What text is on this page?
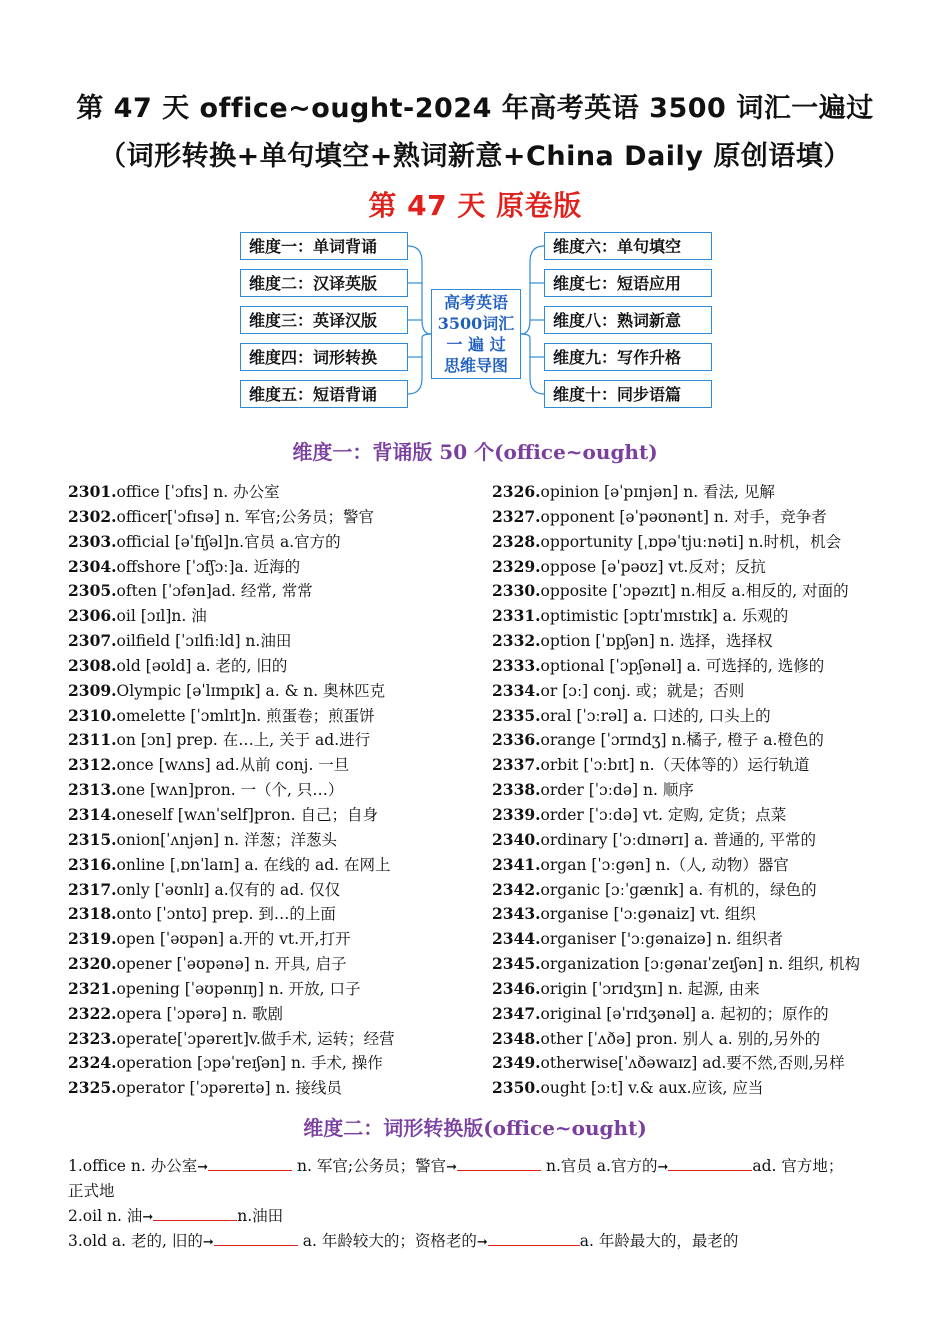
第 47 天 office~ought-2024 年高考英语 3500 词汇一遍过
（词形转换+单句填空+熟词新意+China Daily 原创语填）
第 47 天 原卷版
维度一：单词背诵
维度二：汉译英版
维度三：英译汉版
维度四：词形转换
维度五：短语背诵
维度六：单句填空
维度七：短语应用
维度八：熟词新意
维度九：写作升格
维度十：同步语篇
高考英语
3500词汇
一 遍 过
思维导图
维度一：背诵版 50 个(office~ought)
2301.office [ˈɔfɪs] n. 办公室
2302.officer[ˈɔfɪsə] n. 军官;公务员；警官
2303.official [əˈfɪʃəl]n.官员 a.官方的
2304.offshore [ˈɔfʃɔː]a. 近海的
2305.often [ˈɔfən]ad. 经常, 常常
2306.oil [ɔɪl]n. 油
2307.oilfield [ˈɔɪlfiːld] n.油田
2308.old [əʊld] a. 老的, 旧的
2309.Olympic [əˈlɪmpɪk] a. & n. 奥林匹克
2310.omelette [ˈɔmlɪt]n. 煎蛋卷；煎蛋饼
2311.on [ɔn] prep. 在…上, 关于 ad.进行
2312.once [wʌns] ad.从前 conj. 一旦
2313.one [wʌn]pron. 一（个, 只…）
2314.oneself [wʌnˈself]pron. 自己；自身
2315.onion[ˈʌnjən] n. 洋葱；洋葱头
2316.online [ˌɒnˈlaɪn] a. 在线的 ad. 在网上
2317.only [ˈəʊnlɪ] a.仅有的 ad. 仅仅
2318.onto [ˈɔntʊ] prep. 到…的上面
2319.open [ˈəʊpən] a.开的 vt.开,打开
2320.opener [ˈəʊpənə] n. 开具, 启子
2321.opening [ˈəʊpənɪŋ] n. 开放, 口子
2322.opera [ˈɔpərə] n. 歌剧
2323.operate[ˈɔpəreɪt]v.做手术, 运转；经营
2324.operation [ɔpəˈreɪʃən] n. 手术, 操作
2325.operator [ˈɔpəreɪtə] n. 接线员
2326.opinion [əˈpɪnjən] n. 看法, 见解
2327.opponent [əˈpəʊnənt] n. 对手，竞争者
2328.opportunity [ˌɒpəˈtjuːnəti] n.时机，机会
2329.oppose [əˈpəʊz] vt.反对；反抗
2330.opposite [ˈɔpəzɪt] n.相反 a.相反的, 对面的
2331.optimistic [ɔptɪˈmɪstɪk] a. 乐观的
2332.option [ˈɒpʃən] n. 选择，选择权
2333.optional [ˈɔpʃənəl] a. 可选择的, 选修的
2334.or [ɔː] conj. 或；就是；否则
2335.oral [ˈɔːrəl] a. 口述的, 口头上的
2336.orange [ˈɔrɪndʒ] n.橘子, 橙子 a.橙色的
2337.orbit [ˈɔːbɪt] n.（天体等的）运行轨道
2338.order [ˈɔːdə] n. 顺序
2339.order [ˈɔːdə] vt. 定购, 定货；点菜
2340.ordinary [ˈɔːdɪnərɪ] a. 普通的, 平常的
2341.organ [ˈɔːgən] n.（人, 动物）器官
2342.organic [ɔːˈgænɪk] a. 有机的，绿色的
2343.organise ['ɔːgənaiz] vt. 组织
2344.organiser ['ɔːgənaizə] n. 组织者
2345.organization [ɔːgənaɪˈzeɪʃən] n. 组织, 机构
2346.origin [ˈɔrɪdʒɪn] n. 起源, 由来
2347.original [əˈrɪdʒənəl] a. 起初的；原作的
2348.other [ˈʌðə] pron. 别人 a. 别的,另外的
2349.otherwise[ˈʌðəwaɪz] ad.要不然,否则,另样
2350.ought [ɔːt] v.& aux.应该, 应当
维度二：词形转换版(office~ought)
1.office n. 办公室➞	n. 军官;公务员；警官➞	n.官员 a.官方的➞	ad. 官方地；
正式地
2.oil n. 油➞	n.油田
3.old a. 老的, 旧的➞	a. 年龄较大的；资格老的➞	a. 年龄最大的，最老的
